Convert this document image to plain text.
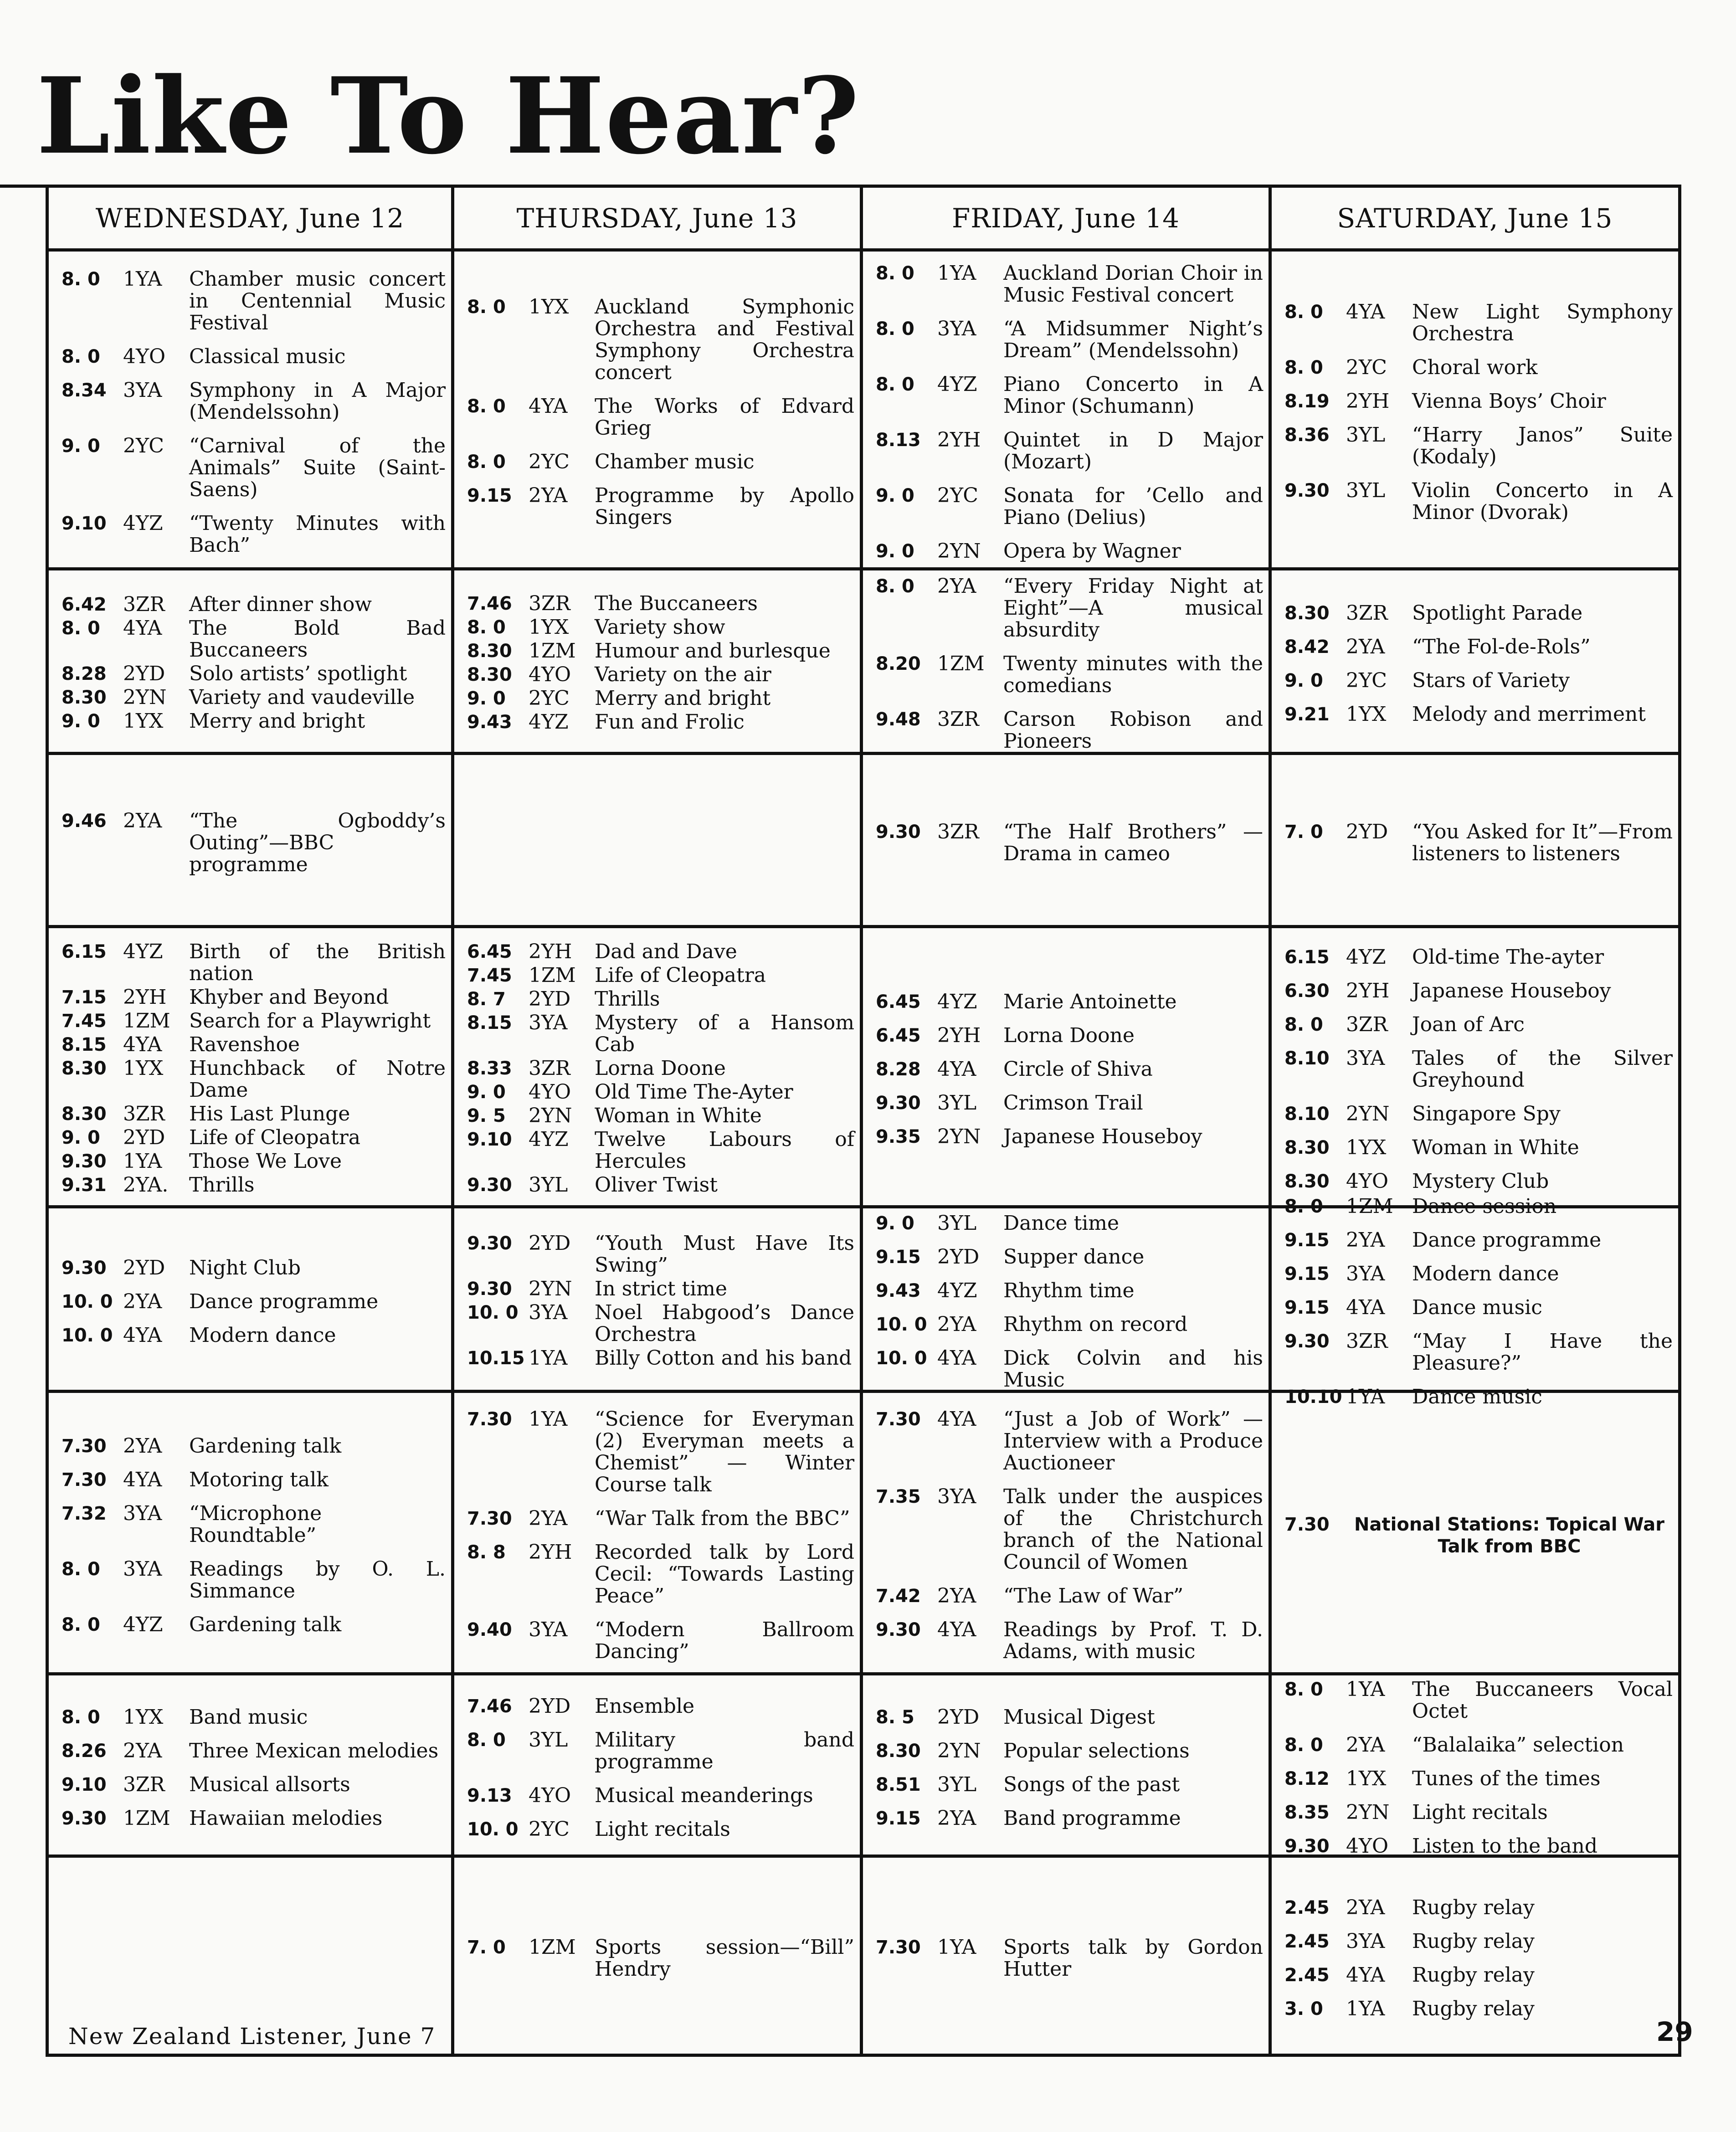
Like To Hear?
WEDNESDAY, June 12	THURSDAY, June 13	FRIDAY, June 14	SATURDAY, June 15
8. 0	1YA	Chamber music concert in Centennial Music Festival
8. 0	4YO	Classical music
8.34 3YA	Symphony in A Major (Mendelssohn)
9. 0	2YC	“Carnival of the Animals” Suite (Saint-Saens)
9.10 4YZ	“Twenty Minutes with Bach”
8. 0	1YX	Auckland Symphonic Orchestra and Festival Symphony Orchestra concert
8. 0	4YA	The Works of Edvard Grieg
8. 0	2YC	Chamber music
9.15 2YA	Programme by Apollo Singers
8. 0	1YA	Auckland Dorian Choir in Music Festival concert
8. 0	3YA	“A Midsummer Night’s Dream” (Mendelssohn)
8. 0	4YZ	Piano Concerto in A Minor (Schumann)
8.13 2YH	Quintet in D Major (Mozart)
9. 0	2YC	Sonata for ’Cello and Piano (Delius)
9. 0	2YN	Opera by Wagner
8. 0	4YA	New Light Symphony Orchestra
8. 0	2YC	Choral work
8.19 2YH	Vienna Boys’ Choir
8.36 3YL	“Harry Janos” Suite (Kodaly)
9.30 3YL	Violin Concerto in A Minor (Dvorak)
6.42 3ZR	After dinner show
8. 0	4YA	The Bold Bad Buccaneers
8.28 2YD	Solo artists’ spotlight
8.30 2YN	Variety and vaudeville
9. 0	1YX	Merry and bright
7.46 3ZR	The Buccaneers
8. 0	1YX	Variety show
8.30 1ZM Humour and burlesque
8.30 4YO	Variety on the air
9. 0	2YC	Merry and bright
9.43 4YZ	Fun and Frolic
8. 0	2YA	“Every Friday Night at Eight”—A musical absurdity
8.20 1ZM Twenty minutes with the comedians
9.48 3ZR	Carson Robison and Pioneers
8.30 3ZR	Spotlight Parade
8.42 2YA	“The Fol-de-Rols”
9. 0	2YC	Stars of Variety
9.21 1YX	Melody and merriment
9.46 2YA	“The Ogboddy’s Outing”—BBC programme
9.30 3ZR	“The Half Brothers” —Drama in cameo
7. 0	2YD	“You Asked for It”—From listeners to listeners
6.15 4YZ	Birth of the British nation
7.15 2YH	Khyber and Beyond
7.45 1ZM Search for a Playwright
8.15 4YA	Ravenshoe
8.30 1YX	Hunchback of Notre Dame
8.30 3ZR	His Last Plunge
9. 0	2YD	Life of Cleopatra
9.30 1YA	Those We Love
9.31 2YA.	Thrills
6.45 2YH	Dad and Dave
7.45 1ZM Life of Cleopatra
8. 7	2YD	Thrills
8.15 3YA	Mystery of a Hansom Cab
8.33 3ZR	Lorna Doone
9. 0	4YO	Old Time The-Ayter
9. 5	2YN	Woman in White
9.10 4YZ	Twelve Labours of Hercules
9.30 3YL	Oliver Twist
6.45 4YZ	Marie Antoinette
6.45 2YH	Lorna Doone
8.28 4YA	Circle of Shiva
9.30 3YL	Crimson Trail
9.35 2YN	Japanese Houseboy
6.15 4YZ	Old-time The-ayter
6.30 2YH	Japanese Houseboy
8. 0	3ZR	Joan of Arc
8.10 3YA	Tales of the Silver Greyhound
8.10 2YN	Singapore Spy
8.30 1YX	Woman in White
8.30 4YO	Mystery Club
9.30 2YD	Night Club
10. 0 2YA	Dance programme
10. 0 4YA	Modern dance
9.30 2YD	“Youth Must Have Its Swing”
9.30 2YN	In strict time
10. 0 3YA	Noel Habgood’s Dance Orchestra
10.15 1YA	Billy Cotton and his band
9. 0	3YL	Dance time
9.15 2YD	Supper dance
9.43 4YZ	Rhythm time
10. 0 2YA	Rhythm on record
10. 0 4YA	Dick Colvin and his Music
8. 0	1ZM Dance session
9.15 2YA	Dance programme
9.15 3YA	Modern dance
9.15 4YA	Dance music
9.30 3ZR	“May I Have the Pleasure?”
10.10 1YA	Dance music
7.30 2YA	Gardening talk
7.30 4YA	Motoring talk
7.32 3YA	“Microphone Roundtable”
8. 0	3YA	Readings by O. L. Simmance
8. 0	4YZ	Gardening talk
7.30 1YA	“Science for Everyman (2) Everyman meets a Chemist” — Winter Course talk
7.30 2YA	“War Talk from the BBC”
8. 8	2YH	Recorded talk by Lord Cecil: “Towards Lasting Peace”
9.40 3YA	“Modern Ballroom Dancing”
7.30 4YA	“Just a Job of Work” — Interview with a Produce Auctioneer
7.35 3YA	Talk under the auspices of the Christchurch branch of the National Council of Women
7.42 2YA	“The Law of War”
9.30 4YA	Readings by Prof. T. D. Adams, with music
7.30	National Stations: Topical War Talk from BBC
8. 0	1YX	Band music
8.26 2YA	Three Mexican melodies
9.10 3ZR	Musical allsorts
9.30 1ZM Hawaiian melodies
7.46 2YD	Ensemble
8. 0	3YL	Military band programme
9.13 4YO	Musical meanderings
10. 0 2YC	Light recitals
8. 5	2YD	Musical Digest
8.30 2YN	Popular selections
8.51 3YL	Songs of the past
9.15 2YA	Band programme
8. 0	1YA	The Buccaneers Vocal Octet
8. 0	2YA	“Balalaika” selection
8.12 1YX	Tunes of the times
8.35 2YN	Light recitals
9.30 4YO	Listen to the band
7. 0	1ZM Sports session—“Bill” Hendry
7.30 1YA	Sports talk by Gordon Hutter
2.45 2YA	Rugby relay
2.45 3YA	Rugby relay
2.45 4YA	Rugby relay
3. 0	1YA	Rugby relay
New Zealand Listener, June 7	29
